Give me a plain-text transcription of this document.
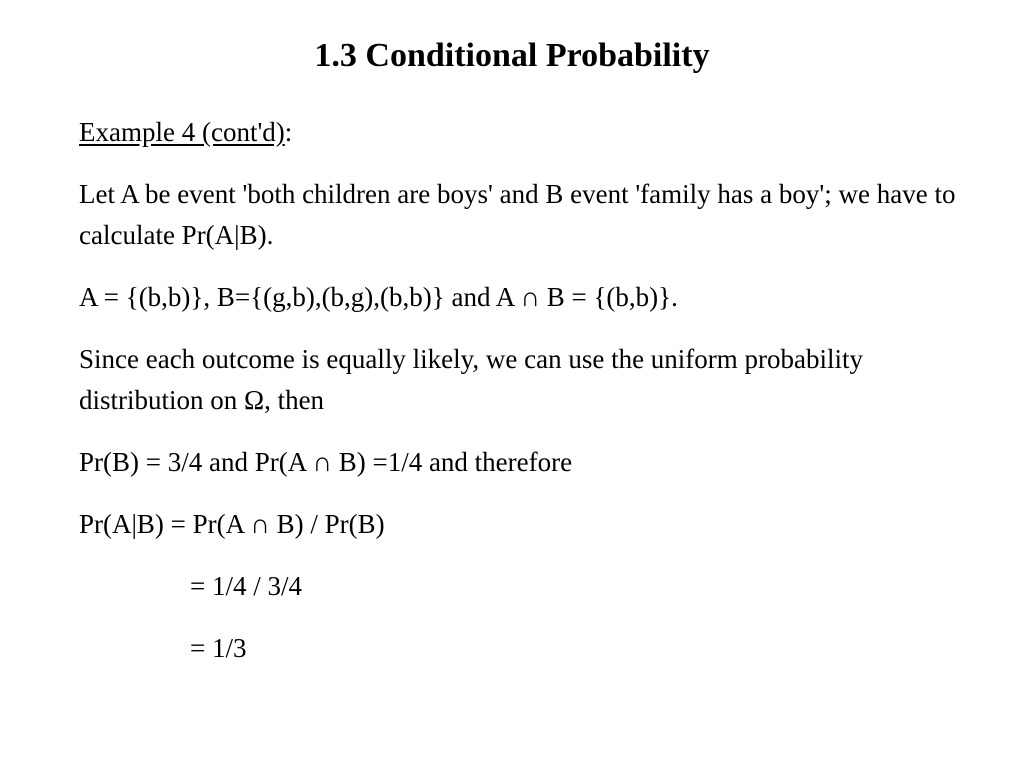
1.3 Conditional Probability

Example 4 (cont'd):

Let A be event 'both children are boys' and B event 'family has a boy'; we have to calculate Pr(A|B).

A = {(b,b)}, B={(g,b),(b,g),(b,b)} and A ∩ B = {(b,b)}.

Since each outcome is equally likely, we can use the uniform probability distribution on Ω, then

Pr(B) = 3/4 and Pr(A ∩ B) =1/4 and therefore

Pr(A|B) = Pr(A ∩ B) / Pr(B)

= 1/4 / 3/4

= 1/3
